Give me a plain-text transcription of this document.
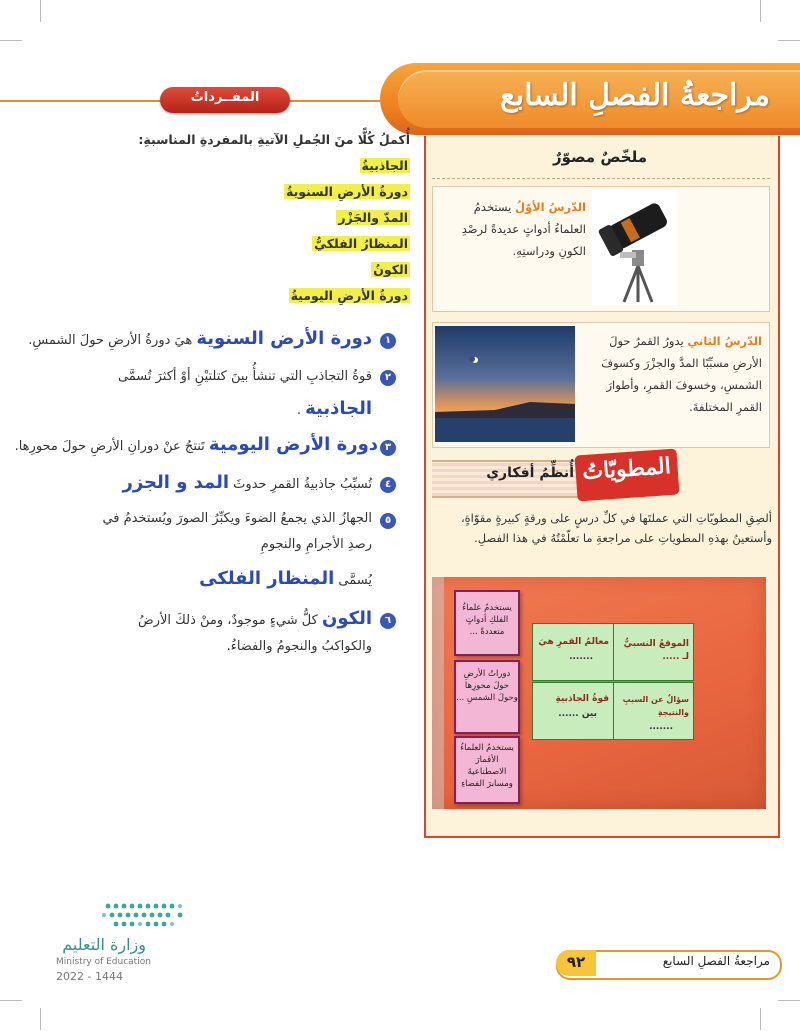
مراجعةُ الفصلِ السابع
المفــرداتُ
ملخّصٌ مصوّرٌ
الدّرسُ الأوّلُ يستخدمُ العلماءُ أدواتٍ عديدةً لرصْدِ الكونِ ودراستِهِ.
الدّرسُ الثاني يدورُ القمرُ حولَ الأرضِ مسبِّبًا المدَّ والجزْرَ وكسوفَ الشمسِ، وخسوفَ القمرِ، وأطوارَ القمرِ المختلفةَ.
المطويّاتُ
أُنظِّمُ أفكاري
ألصِقِ المطويّاتِ التي عملتَها في كلِّ درسٍ على ورقةٍ كبيرةٍ مقوّاةٍ، وأستعينُ بهذهِ المطوياتِ على مراجعةِ ما تعلّمْتُهُ في هذا الفصلِ.
يستخدمُ علماءُ الفلكِ أدواتٍ متعددةً ...
دوراتُ الأرضِ حولَ محورِها وحولَ الشمسِ ...
يستخدمُ العلماءُ الأقمارَ الاصطناعيةَ ومسابرَ الفضاءِ
الموقعُ النسبيُّ لـ .....
معالمُ القمرِ هيَ
.......
سؤالٌ عن السببِ والنتيجةِ
.......
قوةُ الجاذبيةِ
بين ......
أُكملُ كُلًّا منَ الجُملِ الآتيةِ بالمفردةِ المناسبةِ:
الجاذبيةُ
دورةُ الأرضِ السنويةُ
المدّ والجَزْر
المنظارُ الفلكيُّ
الكونُ
دورةُ الأرضِ اليوميةُ
١
دورة الأرض السنوية هيَ دورةُ الأرضِ حولَ الشمسِ.
٢
قوةُ التجاذبِ التي تنشأُ بينَ كتلتيْنِ أوْ أكثرَ تُسمَّى
الجاذبية .
٣
دورة الأرض اليومية تَنتجُ عنْ دورانِ الأرضِ حولَ محورِها.
٤
تُسبِّبُ جاذبيةُ القمرِ حدوثَ المد و الجزر
٥
الجهازُ الذي يجمعُ الضوءَ ويكبِّرُ الصورَ ويُستخدمُ في رصدِ الأجرامِ والنجومِ
يُسمَّى المنظار الفلكى
٦
الكون كلُّ شيءٍ موجودٌ، ومنْ ذلكَ الأرضُ
والكواكبُ والنجومُ والفضاءُ.
وزارة التعليم
Ministry of Education
2022 - 1444
٩٢	مراجعةُ الفصلِ السابع
